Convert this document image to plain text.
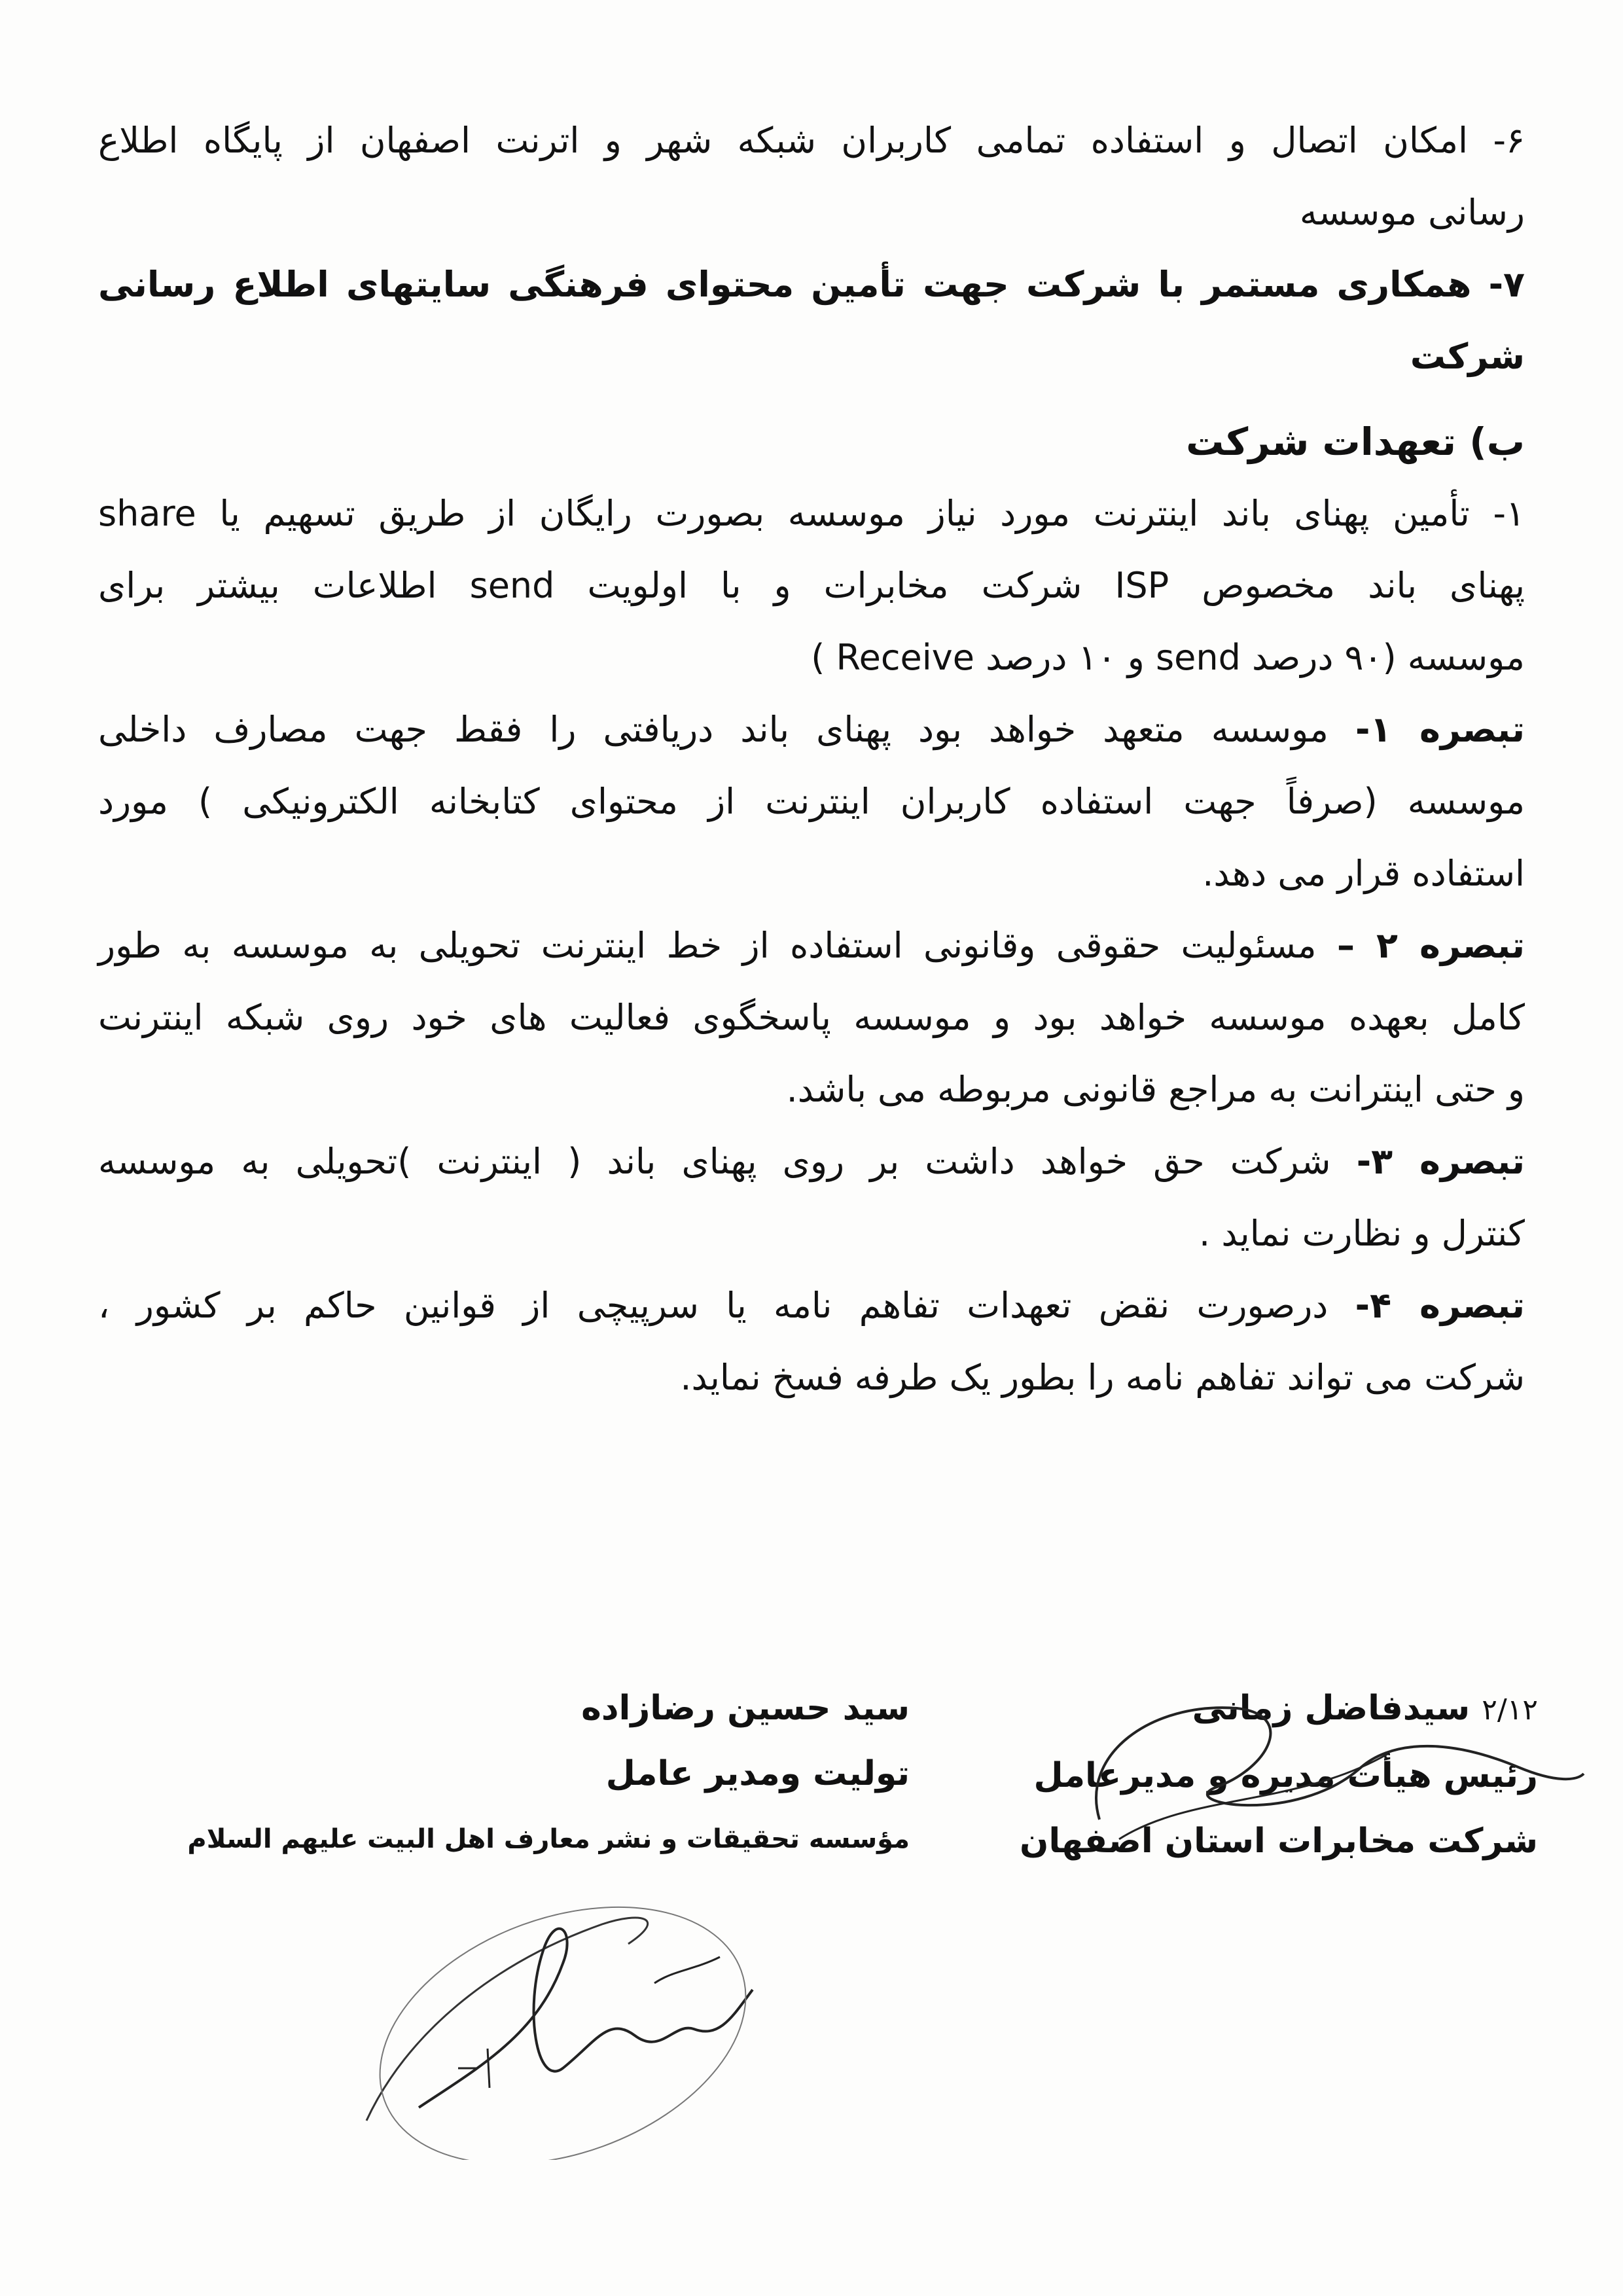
۶- امکان اتصال و استفاده تمامی کاربران شبکه شهر و اترنت اصفهان از پایگاه اطلاع
رسانی موسسه
۷- همکاری مستمر با شرکت جهت تأمین محتوای فرهنگی سایتهای اطلاع رسانی شرکت
ب) تعهدات شرکت
۱- تأمین پهنای باند اینترنت مورد نیاز موسسه بصورت رایگان از طریق تسهیم یا share
پهنای باند مخصوص ISP شرکت مخابرات و با اولویت send اطلاعات بیشتر برای
موسسه (۹۰ درصد send و ۱۰ درصد Receive )
تبصره ۱- موسسه متعهد خواهد بود پهنای باند دریافتی را فقط جهت مصارف داخلی
موسسه (صرفاً جهت استفاده کاربران اینترنت از محتوای کتابخانه الکترونیکی ) مورد
استفاده قرار می دهد.
تبصره ۲ – مسئولیت حقوقی وقانونی استفاده از خط اینترنت تحویلی به موسسه به طور
کامل بعهده موسسه خواهد بود و موسسه پاسخگوی فعالیت های خود روی شبکه اینترنت
و حتی اینترانت به مراجع قانونی مربوطه می باشد.
تبصره ۳- شرکت حق خواهد داشت بر روی پهنای باند ( اینترنت )تحویلی به موسسه
کنترل و نظارت نماید .
تبصره ۴- درصورت نقض تعهدات تفاهم نامه یا سرپیچی از قوانین حاکم بر کشور ،
شرکت می تواند تفاهم نامه را بطور یک طرفه فسخ نماید.
۲/۱۲ سیدفاضل زمانی
رئیس هیأت مدیره و مدیرعامل
شرکت مخابرات استان اصفهان
سید حسین رضازاده
تولیت ومدیر عامل
مؤسسه تحقیقات و نشر معارف اهل البیت علیهم السلام
